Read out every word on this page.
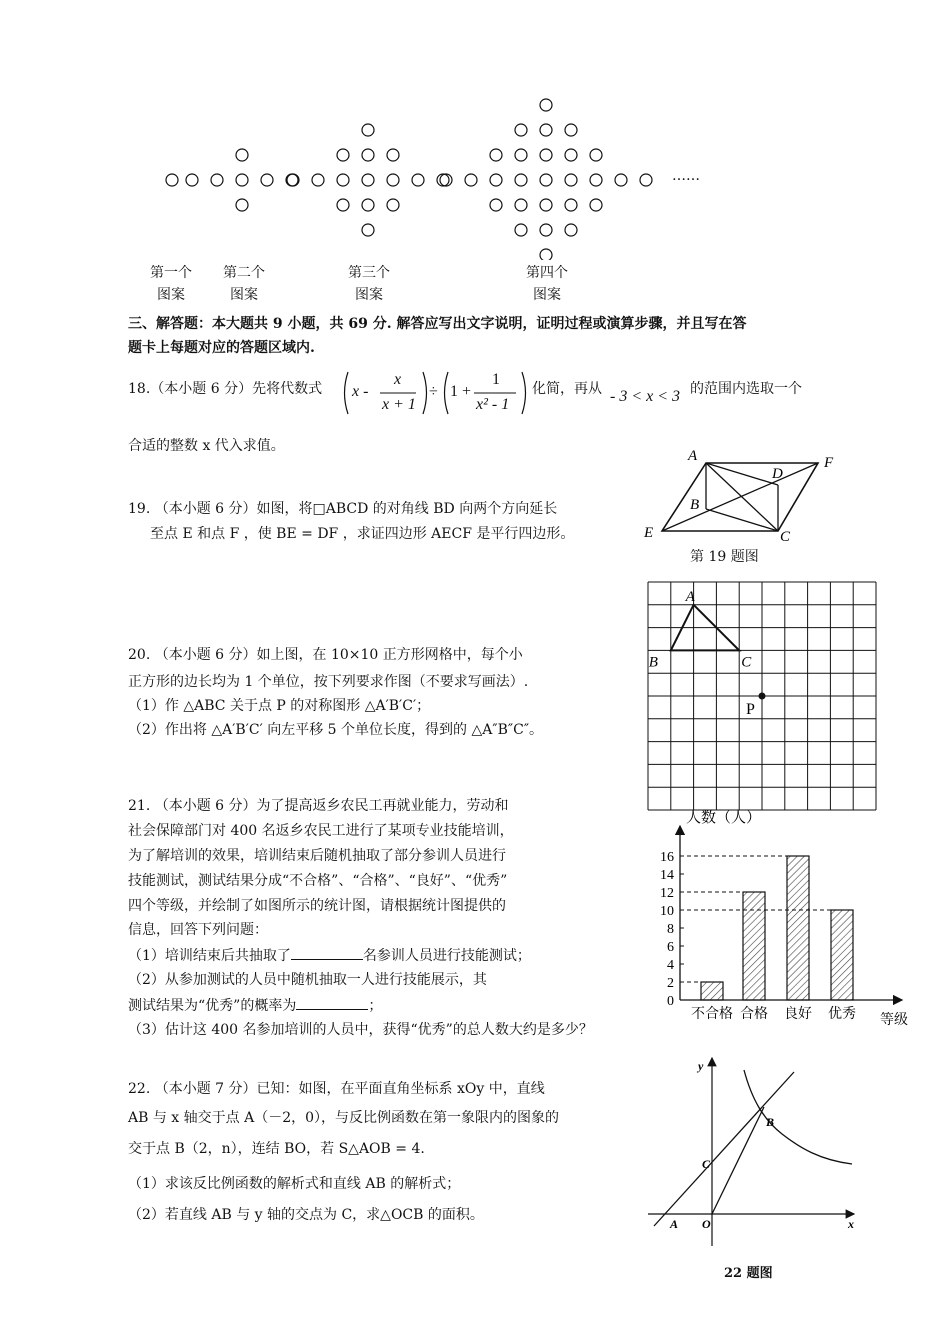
……
第一个
图案
第二个
图案
第三个
图案
第四个
图案
三、解答题：本大题共 9 小题，共 69 分. 解答应写出文字说明，证明过程或演算步骤，并且写在答
题卡上每题对应的答题区域内.
18.（本小题 6 分）先将代数式 x -
x
x + 1
÷ 1 +
1
x² - 1
化简，再从 - 3 < x < 3 的范围内选取一个
合适的整数 x 代入求值。
A
D
F
B
E	C
19. （本小题 6 分）如图，将□ABCD 的对角线 BD 向两个方向延长
至点 E 和点 F ，使 BE = DF ，求证四边形 AECF 是平行四边形。
第 19 题图
A
B	C
P
20. （本小题 6 分）如上图，在 10×10 正方形网格中，每个小
正方形的边长均为 1 个单位，按下列要求作图（不要求写画法）.
（1）作 △ABC 关于点 P 的对称图形 △A′B′C′；
（2）作出将 △A′B′C′ 向左平移 5 个单位长度，得到的 △A″B″C″。
21. （本小题 6 分）为了提高返乡农民工再就业能力，劳动和
社会保障部门对 400 名返乡农民工进行了某项专业技能培训，
为了解培训的效果，培训结束后随机抽取了部分参训人员进行
技能测试，测试结果分成“不合格”、“合格”、“良好”、“优秀”
四个等级，并绘制了如图所示的统计图，请根据统计图提供的
信息，回答下列问题：
（1）培训结束后共抽取了	名参训人员进行技能测试；
（2）从参加测试的人员中随机抽取一人进行技能展示，其
测试结果为“优秀”的概率为	；
（3）估计这 400 名参加培训的人员中，获得“优秀”的总人数大约是多少？
0
2
4
6
8
10
12
14
16
不合格 合格 良好 优秀
人数（人）
等级
22. （本小题 7 分）已知：如图，在平面直角坐标系 xOy 中，直线
AB 与 x 轴交于点 A（－2，0），与反比例函数在第一象限内的图象的
交于点 B（2，n），连结 BO，若 S△AOB = 4.
（1）求该反比例函数的解析式和直线 AB 的解析式；
（2）若直线 AB 与 y 轴的交点为 C，求△OCB 的面积。
y
x
A O
B
C
22 题图
